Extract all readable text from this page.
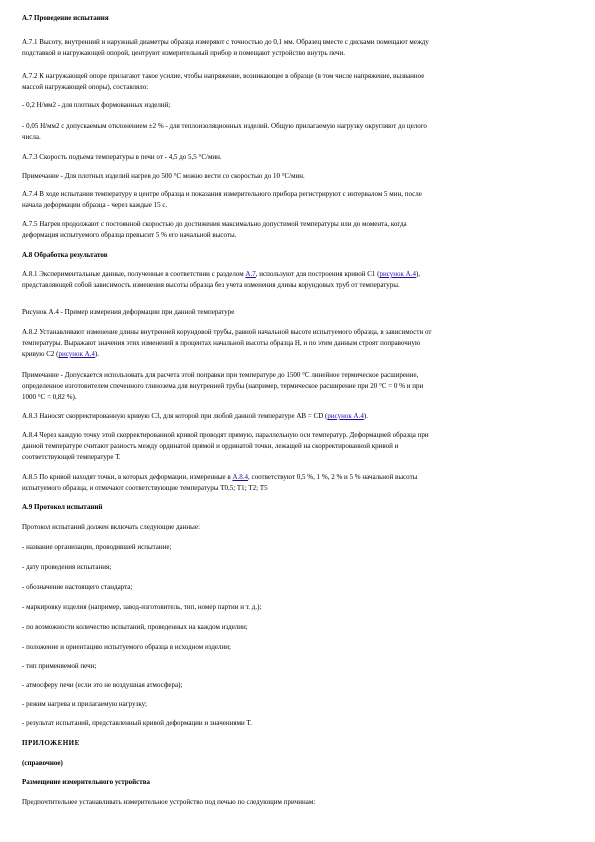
А.7 Проведение испытания
А.7.1 Высоту, внутренний и наружный диаметры образца измеряют с точностью до 0,1 мм. Образец вместе с дисками помещают между
подставкой и нагружающей опорой, центруют измерительный прибор и помещают устройство внутрь печи.
А.7.2 К нагружающей опоре прилагают такое усилие, чтобы напряжение, возникающее в образце (в том числе напряжение, вызванное
массой нагружающей опоры), составляло:
- 0,2 Н/мм2 - для плотных формованных изделий;
- 0,05 Н/мм2 с допускаемым отклонением ±2 % - для теплоизоляционных изделий. Общую прилагаемую нагрузку округляют до целого
числа.
А.7.3 Скорость подъема температуры в печи от - 4,5 до 5,5 °С/мин.
Примечание - Для плотных изделий нагрев до 500 °С можно вести со скоростью до 10 °С/мин.
А.7.4 В ходе испытания температуру в центре образца и показания измерительного прибора регистрируют с интервалом 5 мин, после
начала деформации образца - через каждые 15 с.
А.7.5 Нагрев продолжают с постоянной скоростью до достижения максимально допустимой температуры или до момента, когда
деформация испытуемого образца превысит 5 % его начальной высоты.
А.8 Обработка результатов
А.8.1 Экспериментальные данные, полученные в соответствии с разделом А.7, используют для построения кривой С1 (рисунок А.4),
представляющей собой зависимость изменения высоты образца без учета изменения длины корундовых труб от температуры.
Рисунок А.4 - Пример измерения деформации при данной температуре
А.8.2 Устанавливают изменение длины внутренней корундовой трубы, равной начальной высоте испытуемого образца, в зависимости от
температуры. Выражают значения этих изменений в процентах начальной высоты образца Н, и по этим данным строят поправочную
кривую С2 (рисунок А.4).
Примечание - Допускается использовать для расчета этой поправки при температуре до 1500 °С линейное термическое расширение,
определенное изготовителем спеченного глинозема для внутренней трубы (например, термическое расширение при 20 °С = 0 % и при
1000 °С = 0,82 %).
А.8.3 Наносят скорректированную кривую С3, для которой при любой данной температуре АВ = CD (рисунок А.4).
А.8.4 Через каждую точку этой скорректированной кривой проводят прямую, параллельную оси температур. Деформацией образца при
данной температуре считают разность между ординатой прямой и ординатой точки, лежащей на скорректированной кривой и
соответствующей температуре Т.
А.8.5 По кривой находят точки, в которых деформации, измеренные в А.8.4, соответствуют 0,5 %, 1 %, 2 % и 5 % начальной высоты
испытуемого образца, и отмечают соответствующие температуры Т0,5; Т1; Т2; Т5
А.9 Протокол испытаний
Протокол испытаний должен включать следующие данные:
- название организации, проводившей испытание;
- дату проведения испытания;
- обозначение настоящего стандарта;
- маркировку изделия (например, завод-изготовитель, тип, номер партии и т. д.);
- по возможности количество испытаний, проведенных на каждом изделии;
- положение и ориентацию испытуемого образца в исходном изделии;
- тип применяемой печи;
- атмосферу печи (если это не воздушная атмосфера);
- режим нагрева и прилагаемую нагрузку;
- результат испытаний, представленный кривой деформации и значениями Т.
ПРИЛОЖЕНИЕ
(справочное)
Размещение измерительного устройства
Предпочтительнее устанавливать измерительное устройство под печью по следующим причинам:
